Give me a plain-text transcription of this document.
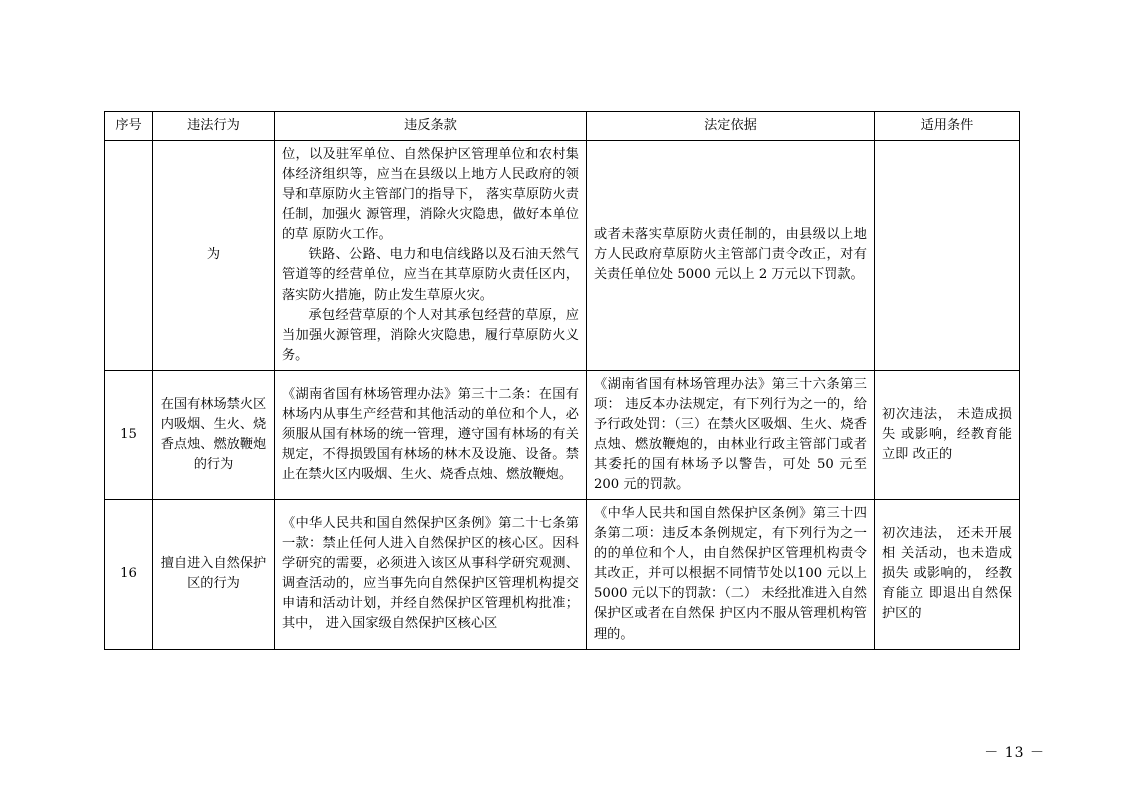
序号	违法行为	违反条款	法定依据	适用条件
	为	位，以及驻军单位、自然保护区管理单位和农村集体经济组织等，应当在县级以上地方人民政府的领导和草原防火主管部门的指导下， 落实草原防火责任制，加强火 源管理，消除火灾隐患，做好本单位的草 原防火工作。
铁路、公路、电力和电信线路以及石油天然气管道等的经营单位，应当在其草原防火责任区内，落实防火措施，防止发生草原火灾。
承包经营草原的个人对其承包经营的草原，应当加强火源管理，消除火灾隐患，履行草原防火义务。	或者未落实草原防火责任制的，由县级以上地方人民政府草原防火主管部门责令改正，对有关责任单位处 5000 元以上 2 万元以下罚款。	

15	在国有林场禁火区内吸烟、生火、烧香点烛、燃放鞭炮的行为	《湖南省国有林场管理办法》第三十二条：在国有林场内从事生产经营和其他活动的单位和个人，必须服从国有林场的统一管理，遵守国有林场的有关规定，不得损毁国有林场的林木及设施、设备。禁止在禁火区内吸烟、生火、烧香点烛、燃放鞭炮。	《湖南省国有林场管理办法》第三十六条第三项： 违反本办法规定，有下列行为之一的，给予行政处罚：（三）在禁火区吸烟、生火、烧香点烛、燃放鞭炮的，由林业行政主管部门或者其委托的国有林场予以警告，可处 50 元至 200 元的罚款。	初次违法， 未造成损失 或影响，经教育能立即 改正的
16	擅自进入自然保护区的行为	《中华人民共和国自然保护区条例》第二十七条第一款：禁止任何人进入自然保护区的核心区。因科学研究的需要，必须进入该区从事科学研究观测、调查活动的，应当事先向自然保护区管理机构提交申请和活动计划，并经自然保护区管理机构批准；其中， 进入国家级自然保护区核心区	《中华人民共和国自然保护区条例》第三十四条第二项：违反本条例规定，有下列行为之一的的单位和个人，由自然保护区管理机构责令其改正，并可以根据不同情节处以100 元以上 5000 元以下的罚款：（二） 未经批准进入自然保护区或者在自然保 护区内不服从管理机构管理的。	初次违法， 还未开展相 关活动，也未造成损失 或影响的， 经教育能立 即退出自然保护区的
－ 13 －
